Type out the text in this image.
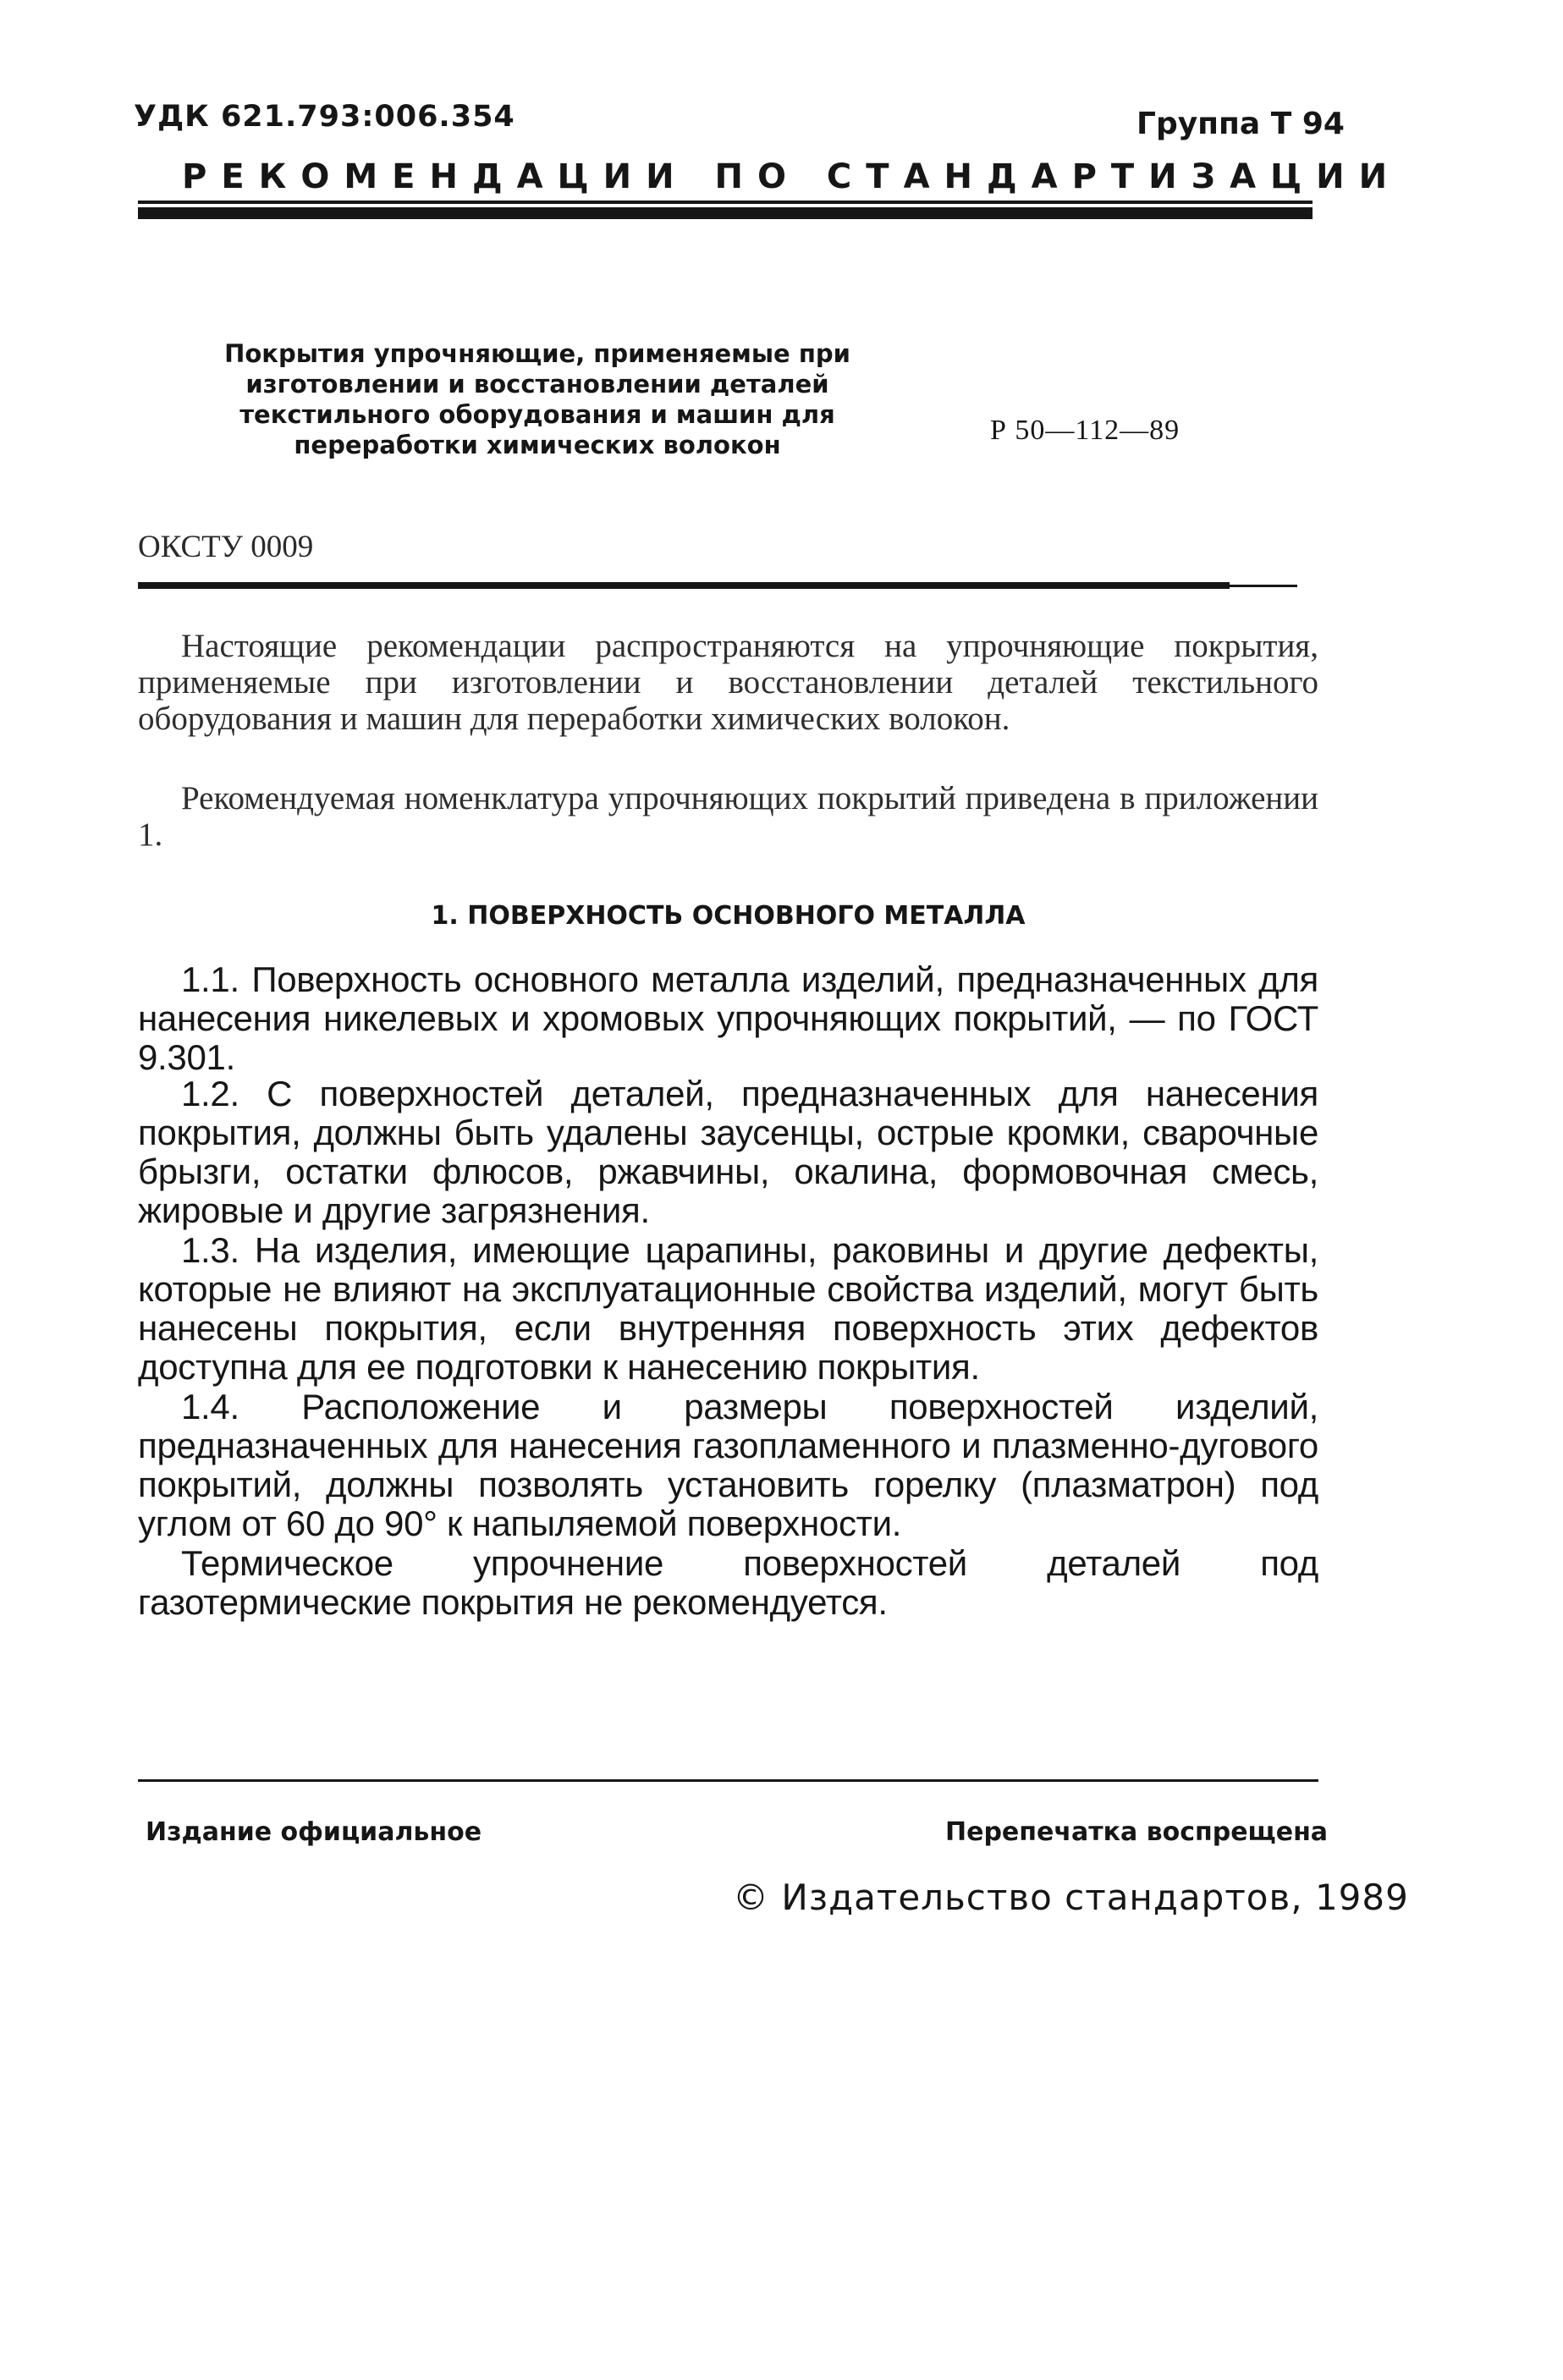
УДК 621.793:006.354	Группа Т 94
РЕКОМЕНДАЦИИ ПО СТАНДАРТИЗАЦИИ
Покрытия упрочняющие, применяемые при изготовлении и восстановлении деталей текстильного оборудования и машин для переработки химических волокон	Р 50—112—89
ОКСТУ 0009

Настоящие рекомендации распространяются на упрочняющие покрытия, применяемые при изготовлении и восстановлении деталей текстильного оборудования и машин для переработки химических волокон.

Рекомендуемая номенклатура упрочняющих покрытий приведена в приложении 1.

1. ПОВЕРХНОСТЬ ОСНОВНОГО МЕТАЛЛА

1.1. Поверхность основного металла изделий, предназначенных для нанесения никелевых и хромовых упрочняющих покрытий, — по ГОСТ 9.301.

1.2. С поверхностей деталей, предназначенных для нанесения покрытия, должны быть удалены заусенцы, острые кромки, сварочные брызги, остатки флюсов, ржавчины, окалина, формовочная смесь, жировые и другие загрязнения.

1.3. На изделия, имеющие царапины, раковины и другие дефекты, которые не влияют на эксплуатационные свойства изделий, могут быть нанесены покрытия, если внутренняя поверхность этих дефектов доступна для ее подготовки к нанесению покрытия.

1.4. Расположение и размеры поверхностей изделий, предназначенных для нанесения газопламенного и плазменно-дугового покрытий, должны позволять установить горелку (плазматрон) под углом от 60 до 90° к напыляемой поверхности.

Термическое упрочнение поверхностей деталей под газотермические покрытия не рекомендуется.

Издание официальное	Перепечатка воспрещена
© Издательство стандартов, 1989
